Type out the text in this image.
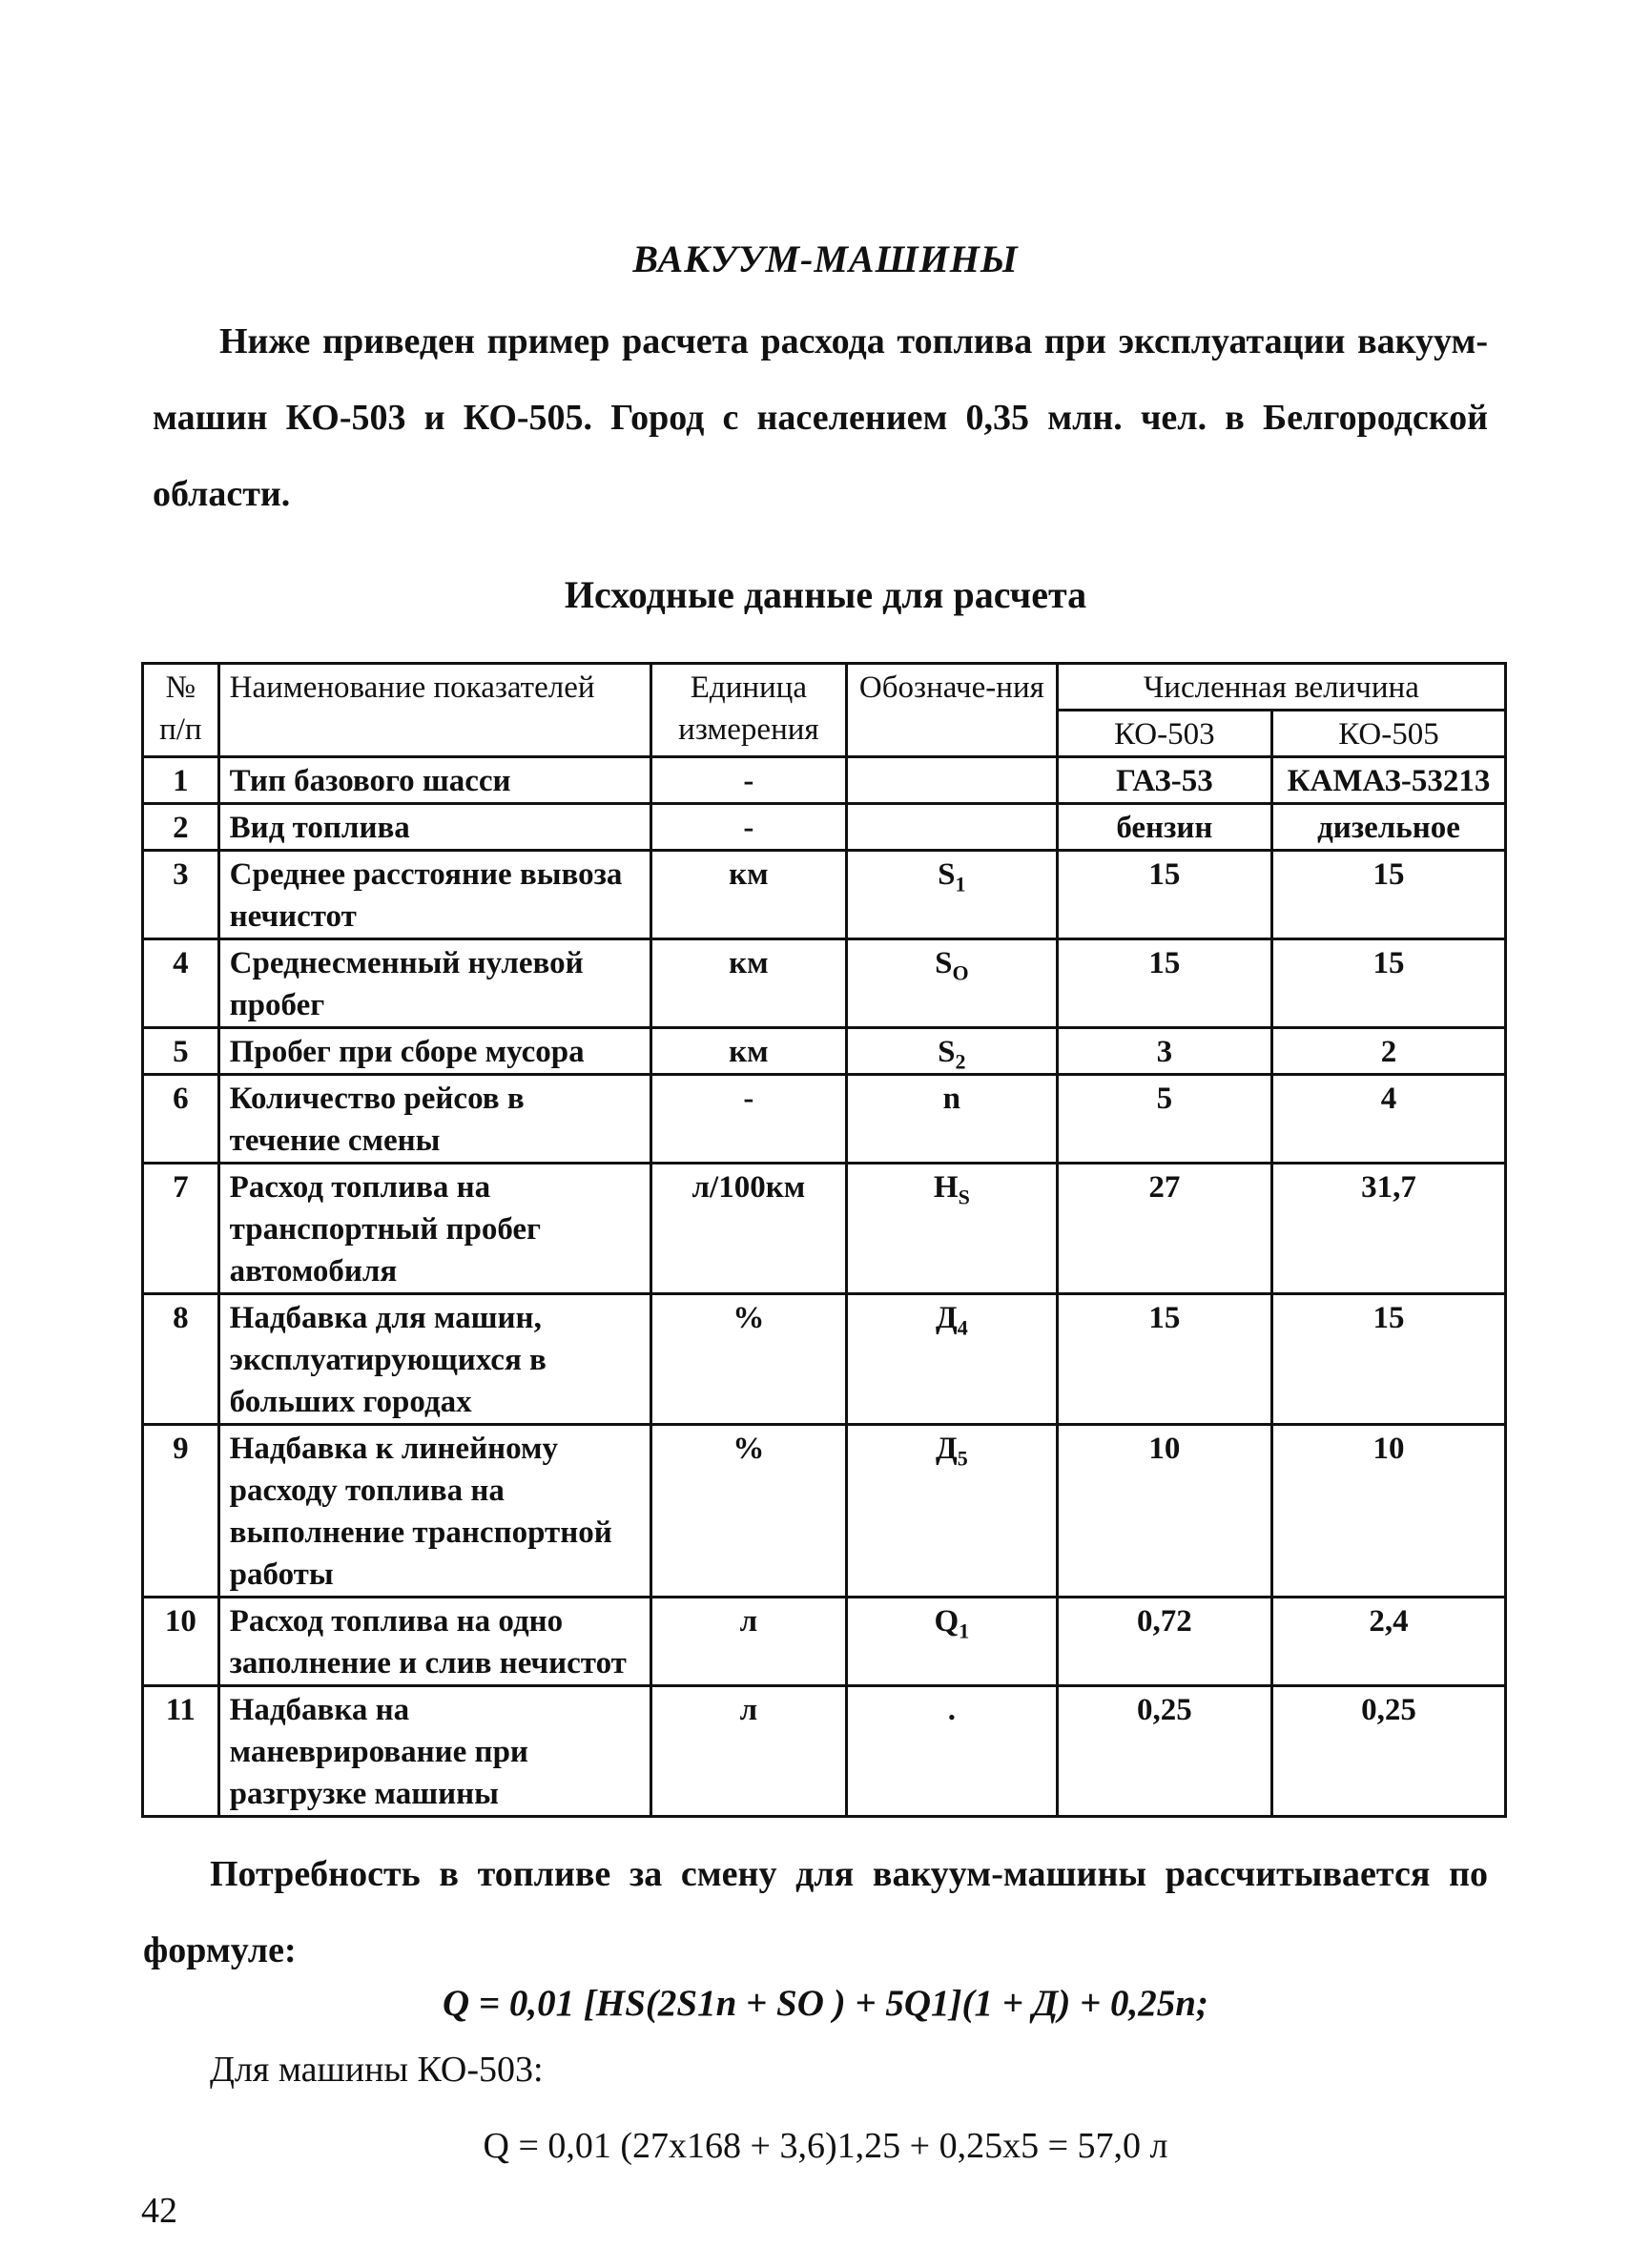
ВАКУУМ-МАШИНЫ
Ниже приведен пример расчета расхода топлива при эксплуатации вакуум-машин КО-503 и КО-505. Город с населением 0,35 млн. чел. в Белгородской области.
Исходные данные для расчета
№ п/п	Наименование показателей	Единица измерения	Обозначе-ния	Численная величина	
				КО-503	КО-505
1	Тип базового шасси	-		ГАЗ-53	КАМАЗ-53213
2	Вид топлива	-		бензин	дизельное
3	Среднее расстояние вывоза нечистот	км	$S_1$	15	15
4	Среднесменный нулевой пробег	км	$S_O$	15	15
5	Пробег при сборе мусора	км	$S_2$	3	2
6	Количество рейсов в течение смены	-	n	5	4
7	Расход топлива на транспортный пробег автомобиля	л/100км	$H_S$	27	31,7
8	Надбавка для машин, эксплуатирующихся в больших городах	%	$Д_4$	15	15
9	Надбавка к линейному расходу топлива на выполнение транспортной работы	%	$Д_5$	10	10
10	Расход топлива на одно заполнение и слив нечистот	л	$Q_1$	0,72	2,4
11	Надбавка на маневрирование при разгрузке машины	л	.	0,25	0,25
Потребность в топливе за смену для вакуум-машины рассчитывается по формуле:
Q = 0,01 [HS(2S1n + SO ) + 5Q1](1 + Д) + 0,25n;
Для машины КО-503:
Q = 0,01 (27x168 + 3,6)1,25 + 0,25x5 = 57,0 л
42
